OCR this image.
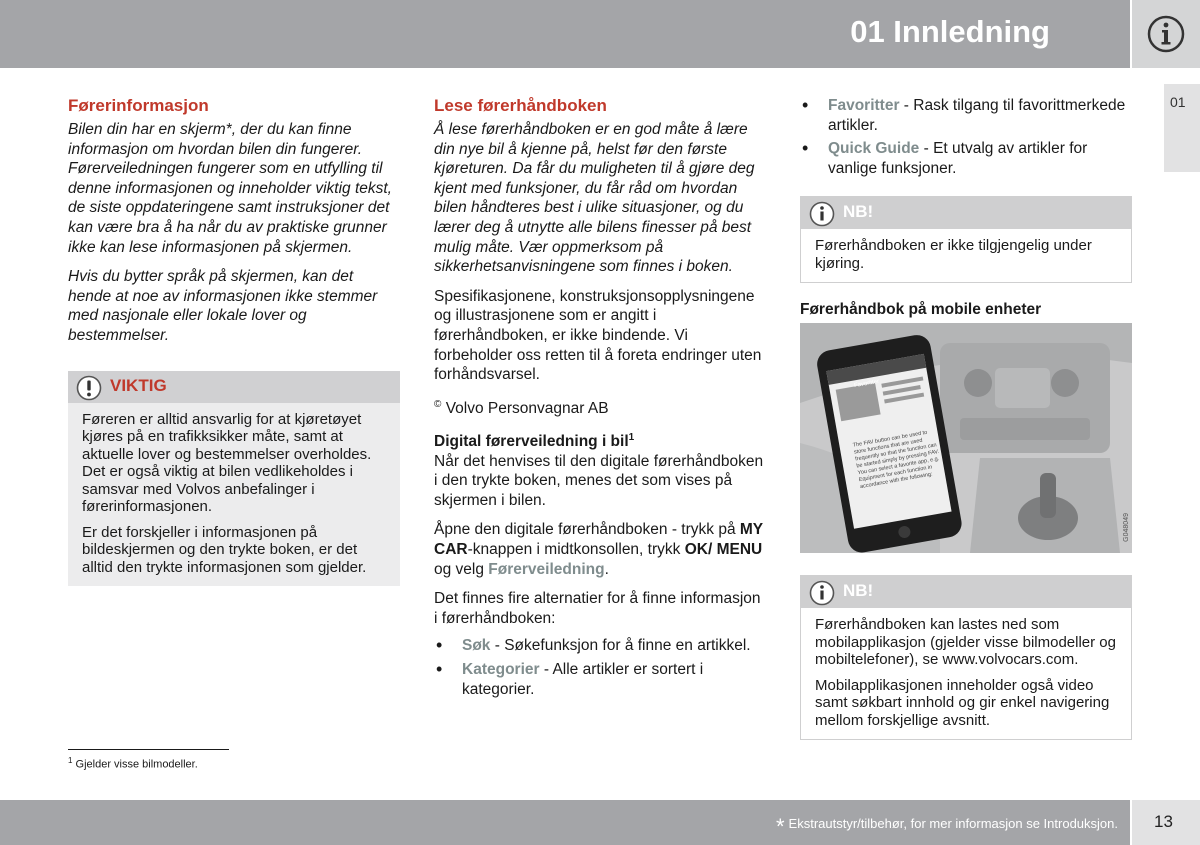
01 Innledning
01
Førerinformasjon

Bilen din har en skjerm*, der du kan finne informasjon om hvordan bilen din fungerer. Førerveiledningen fungerer som en utfylling til denne informasjonen og inneholder viktig tekst, de siste oppdateringene samt instruksjoner det kan være bra å ha når du av praktiske grunner ikke kan lese informasjonen på skjermen.

Hvis du bytter språk på skjermen, kan det hende at noe av informasjonen ikke stemmer med nasjonale eller lokale lover og bestemmelser.

VIKTIG
Føreren er alltid ansvarlig for at kjøretøyet kjøres på en trafikksikker måte, samt at aktuelle lover og bestemmelser overholdes. Det er også viktig at bilen vedlikeholdes i samsvar med Volvos anbefalinger i førerinformasjonen.
Er det forskjeller i informasjonen på bildeskjermen og den trykte boken, er det alltid den trykte informasjonen som gjelder.
Lese førerhåndboken

Å lese førerhåndboken er en god måte å lære din nye bil å kjenne på, helst før den første kjøreturen. Da får du muligheten til å gjøre deg kjent med funksjoner, du får råd om hvordan bilen håndteres best i ulike situasjoner, og du lærer deg å utnytte alle bilens finesser på best mulig måte. Vær oppmerksom på sikkerhetsanvisningene som finnes i boken.

Spesifikasjonene, konstruksjonsopplysningene og illustrasjonene som er angitt i førerhåndboken, er ikke bindende. Vi forbeholder oss retten til å foreta endringer uten forhåndsvarsel.

© Volvo Personvagnar AB

Digital førerveiledning i bil$^1$

Når det henvises til den digitale førerhåndboken i den trykte boken, menes det som vises på skjermen i bilen.

Åpne den digitale førerhåndboken - trykk på MY CAR-knappen i midtkonsollen, trykk OK/ MENU og velg Førerveiledning.

Det finnes fire alternatier for å finne informasjon i førerhåndboken:

• Søk - Søkefunksjon for å finne en artikkel.
• Kategorier - Alle artikler er sortert i kategorier.
• Favoritter - Rask tilgang til favorittmerkede artikler.
• Quick Guide - Et utvalg av artikler for vanlige funksjoner.
NB!
Førerhåndboken er ikke tilgjengelig under kjøring.
Førerhåndbok på mobile enheter
Favoritter
The FAV button can be used to store functions that are used frequently so that the function can be started simply by pressing FAV. You can select a favorite app, e.g. Equipment for each function in accordance with the following:
G048049
NB!
Førerhåndboken kan lastes ned som mobilapplikasjon (gjelder visse bilmodeller og mobiltelefoner), se www.volvocars.com.
Mobilapplikasjonen inneholder også video samt søkbart innhold og gir enkel navigering mellom forskjellige avsnitt.
$^1$ Gjelder visse bilmodeller.
* Ekstrautstyr/tilbehør, for mer informasjon se Introduksjon. 13
